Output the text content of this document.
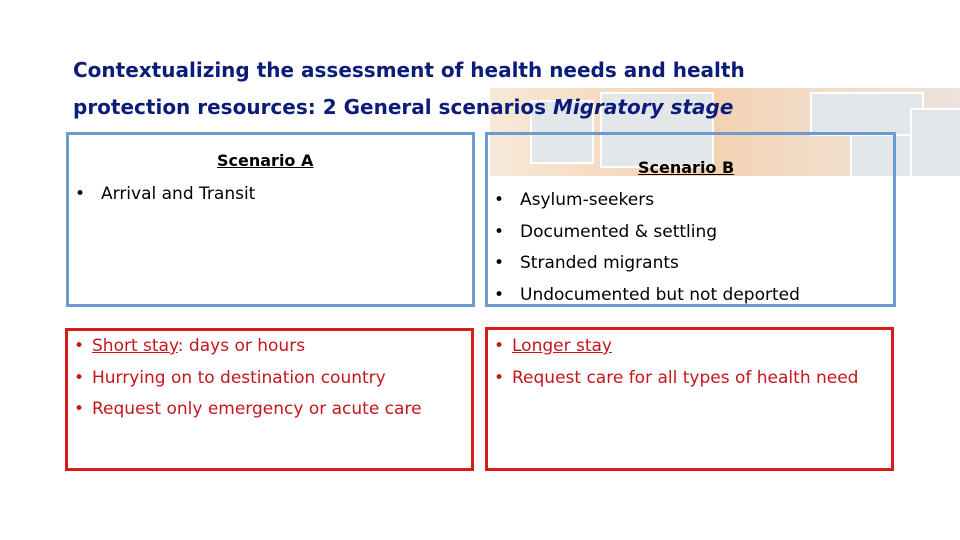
Contextualizing the assessment of health needs and health
protection resources: 2 General scenarios Migratory stage
Scenario A
• Arrival and Transit
Scenario B
• Asylum-seekers
• Documented & settling
• Stranded migrants
• Undocumented but not deported
• Short stay: days or hours
• Hurrying on to destination country
• Request only emergency or acute care
• Longer stay
• Request care for all types of health need
